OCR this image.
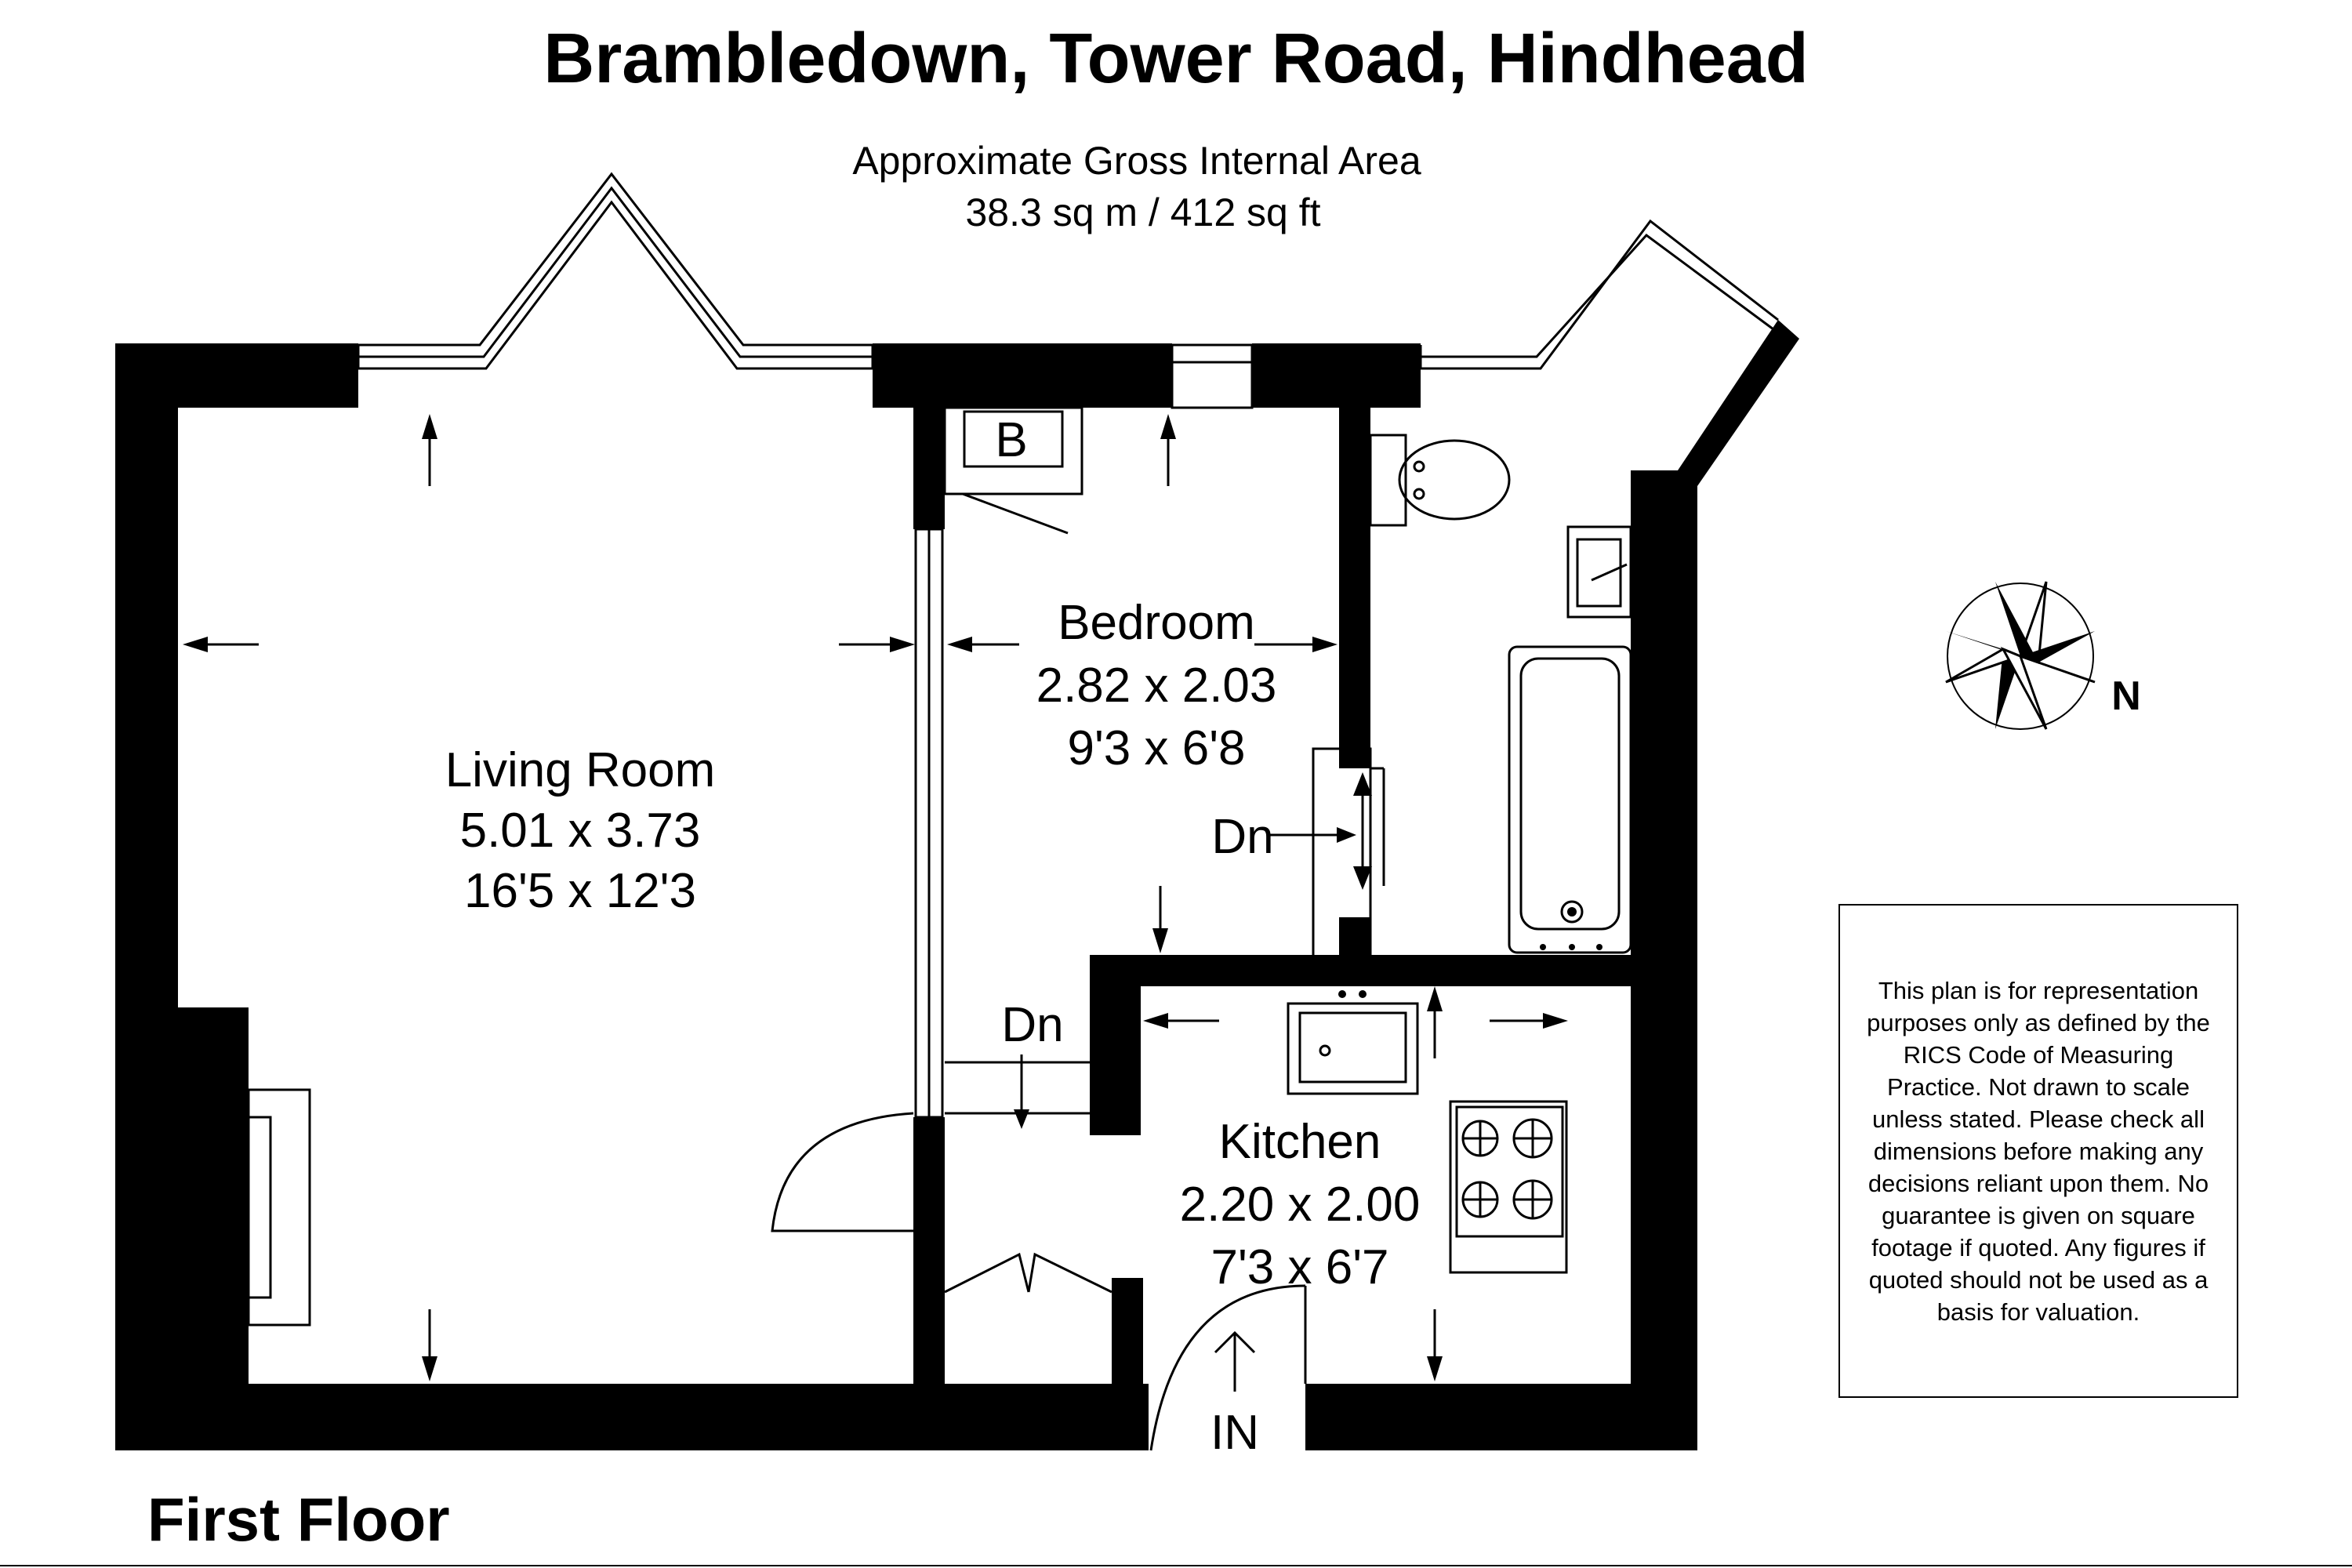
Brambledown, Tower Road, Hindhead
Approximate Gross Internal Area
38.3 sq m / 412 sq ft
B
Living Room
5.01 x 3.73
16'5 x 12'3
Bedroom
2.82 x 2.03
9'3 x 6'8
Dn
Dn
Kitchen
2.20 x 2.00
7'3 x 6'7
IN
N
First Floor
This plan is for representation purposes only as defined by the RICS Code of Measuring Practice. Not drawn to scale unless stated. Please check all dimensions before making any decisions reliant upon them. No guarantee is given on square footage if quoted. Any figures if quoted should not be used as a basis for valuation.
